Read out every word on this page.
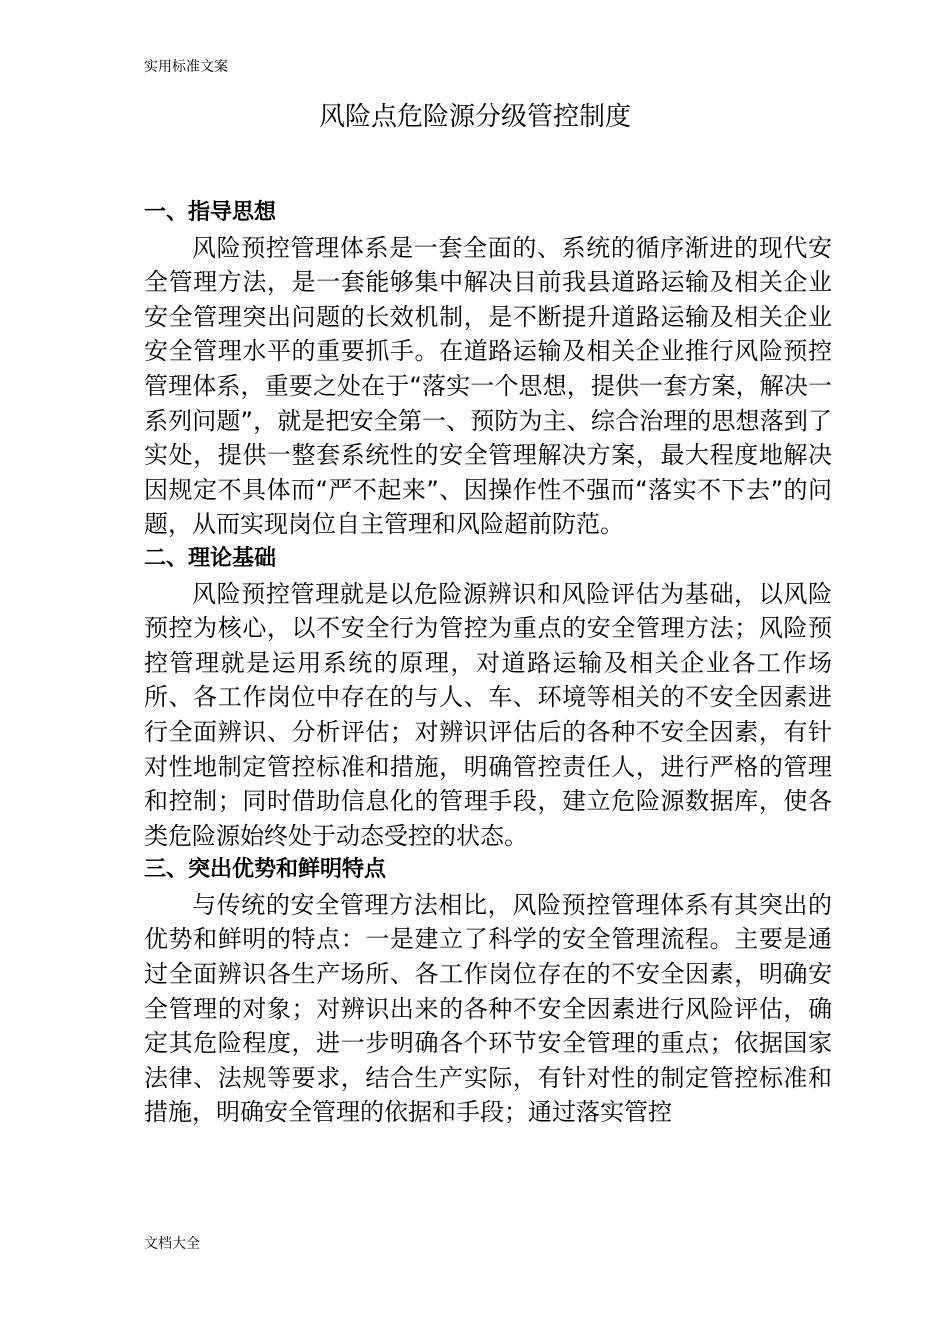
实用标准文案
风险点危险源分级管控制度
一、指导思想

风险预控管理体系是一套全面的、系统的循序渐进的现代安全管理方法，是一套能够集中解决目前我县道路运输及相关企业安全管理突出问题的长效机制，是不断提升道路运输及相关企业安全管理水平的重要抓手。在道路运输及相关企业推行风险预控管理体系，重要之处在于“落实一个思想，提供一套方案，解决一系列问题”，就是把安全第一、预防为主、综合治理的思想落到了实处，提供一整套系统性的安全管理解决方案，最大程度地解决因规定不具体而“严不起来”、因操作性不强而“落实不下去”的问题，从而实现岗位自主管理和风险超前防范。

二、理论基础

风险预控管理就是以危险源辨识和风险评估为基础，以风险预控为核心，以不安全行为管控为重点的安全管理方法；风险预控管理就是运用系统的原理，对道路运输及相关企业各工作场所、各工作岗位中存在的与人、车、环境等相关的不安全因素进行全面辨识、分析评估；对辨识评估后的各种不安全因素，有针对性地制定管控标准和措施，明确管控责任人，进行严格的管理和控制；同时借助信息化的管理手段，建立危险源数据库，使各类危险源始终处于动态受控的状态。

三、突出优势和鲜明特点

与传统的安全管理方法相比，风险预控管理体系有其突出的优势和鲜明的特点：一是建立了科学的安全管理流程。主要是通过全面辨识各生产场所、各工作岗位存在的不安全因素，明确安全管理的对象；对辨识出来的各种不安全因素进行风险评估，确定其危险程度，进一步明确各个环节安全管理的重点；依据国家法律、法规等要求，结合生产实际，有针对性的制定管控标准和措施，明确安全管理的依据和手段；通过落实管控

文档大全
